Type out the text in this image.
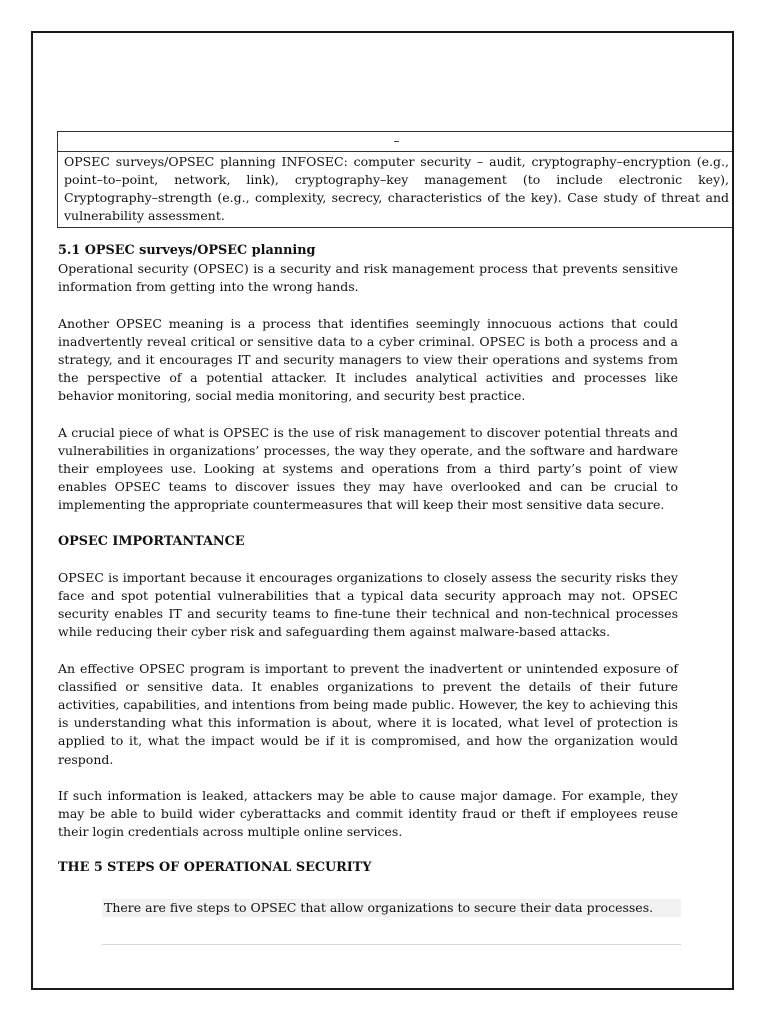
–
OPSEC surveys/OPSEC planning INFOSEC: computer security – audit, cryptography–encryption (e.g., point–to–point, network, link), cryptography–key management (to include electronic key), Cryptography–strength (e.g., complexity, secrecy, characteristics of the key). Case study of threat and vulnerability assessment.
5.1 OPSEC surveys/OPSEC planning

Operational security (OPSEC) is a security and risk management process that prevents sensitive information from getting into the wrong hands.

Another OPSEC meaning is a process that identifies seemingly innocuous actions that could inadvertently reveal critical or sensitive data to a cyber criminal. OPSEC is both a process and a strategy, and it encourages IT and security managers to view their operations and systems from the perspective of a potential attacker. It includes analytical activities and processes like behavior monitoring, social media monitoring, and security best practice.

A crucial piece of what is OPSEC is the use of risk management to discover potential threats and vulnerabilities in organizations’ processes, the way they operate, and the software and hardware their employees use. Looking at systems and operations from a third party’s point of view enables OPSEC teams to discover issues they may have overlooked and can be crucial to implementing the appropriate countermeasures that will keep their most sensitive data secure.

OPSEC IMPORTANTANCE

OPSEC is important because it encourages organizations to closely assess the security risks they face and spot potential vulnerabilities that a typical data security approach may not. OPSEC security enables IT and security teams to fine-tune their technical and non-technical processes while reducing their cyber risk and safeguarding them against malware-based attacks.

An effective OPSEC program is important to prevent the inadvertent or unintended exposure of classified or sensitive data. It enables organizations to prevent the details of their future activities, capabilities, and intentions from being made public. However, the key to achieving this is understanding what this information is about, where it is located, what level of protection is applied to it, what the impact would be if it is compromised, and how the organization would respond.

If such information is leaked, attackers may be able to cause major damage. For example, they may be able to build wider cyberattacks and commit identity fraud or theft if employees reuse their login credentials across multiple online services.

THE 5 STEPS OF OPERATIONAL SECURITY
There are five steps to OPSEC that allow organizations to secure their data processes.
